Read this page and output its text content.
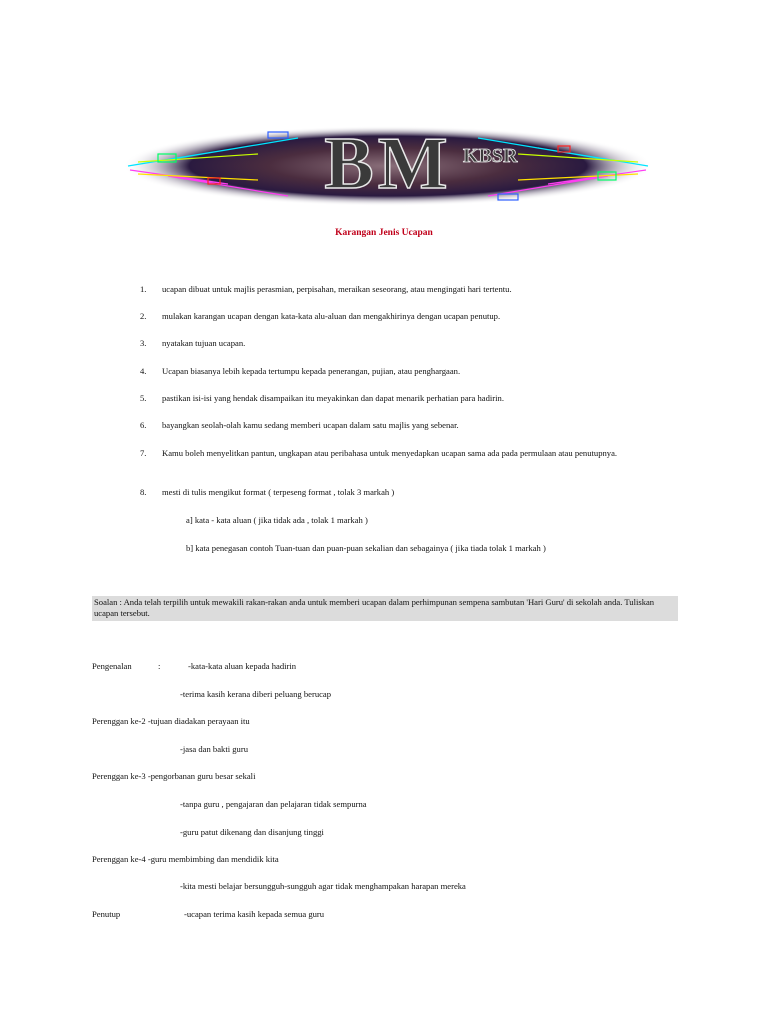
BM KBSR
Karangan Jenis Ucapan
1.	ucapan dibuat untuk majlis perasmian, perpisahan, meraikan seseorang, atau mengingati hari tertentu.
2.	mulakan karangan ucapan dengan kata-kata alu-aluan dan mengakhirinya dengan ucapan penutup.
3.	nyatakan tujuan ucapan.
4.	Ucapan biasanya lebih kepada tertumpu kepada penerangan, pujian, atau penghargaan.
5.	pastikan isi-isi yang hendak disampaikan itu meyakinkan dan dapat menarik perhatian para hadirin.
6.	bayangkan seolah-olah kamu sedang memberi ucapan dalam satu majlis yang sebenar.
7.	Kamu boleh menyelitkan pantun, ungkapan atau peribahasa untuk menyedapkan ucapan sama ada pada permulaan atau penutupnya.
8.	mesti di tulis mengikut format ( terpeseng format , tolak 3 markah )
a] kata - kata aluan ( jika tidak ada , tolak 1 markah )
b] kata penegasan contoh Tuan-tuan dan puan-puan sekalian dan sebagainya ( jika tiada tolak 1 markah )
Soalan : Anda telah terpilih untuk mewakili rakan-rakan anda untuk memberi ucapan dalam perhimpunan sempena sambutan 'Hari Guru' di sekolah anda. Tuliskan ucapan tersebut.
Pengenalan	:	-kata-kata aluan kepada hadirin
-terima kasih kerana diberi peluang berucap
Perenggan ke-2 -tujuan diadakan perayaan itu
-jasa dan bakti guru
Perenggan ke-3 -pengorbanan guru besar sekali
-tanpa guru , pengajaran dan pelajaran tidak sempurna
-guru patut dikenang dan disanjung tinggi
Perenggan ke-4 -guru membimbing dan mendidik kita
-kita mesti belajar bersungguh-sungguh agar tidak menghampakan harapan mereka
Penutup	-ucapan terima kasih kepada semua guru
